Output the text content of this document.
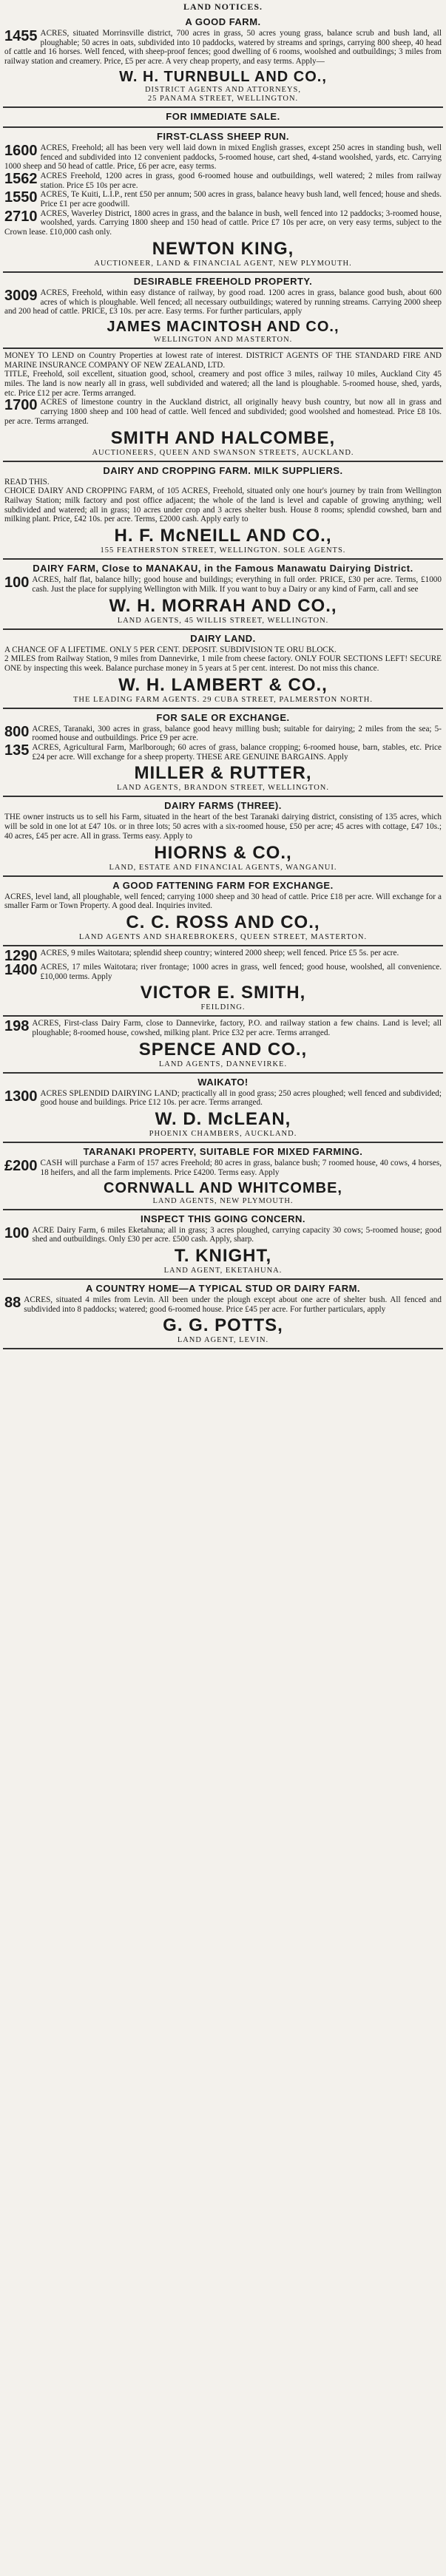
LAND NOTICES.
A GOOD FARM.

1455 ACRES, situated Morrinsville district, 700 acres in grass, 50 acres young grass, balance scrub and bush land, all ploughable; 50 acres in oats, subdivided into 10 paddocks, watered by streams and springs, carrying 800 sheep, 40 head of cattle and 16 horses. Well fenced, with sheep-proof fences; good dwelling of 6 rooms, woolshed and outbuildings; 3 miles from railway station and creamery. Price, £5 per acre. A very cheap property, and easy terms. Apply—

W. H. TURNBULL AND CO.,
DISTRICT AGENTS AND ATTORNEYS,
25 PANAMA STREET, WELLINGTON.
FOR IMMEDIATE SALE.
FIRST-CLASS SHEEP RUN.

1600 ACRES, Freehold; all has been very well laid down in mixed English grasses, except 250 acres in standing bush, well fenced and subdivided into 12 convenient paddocks, 5-roomed house, cart shed, 4-stand woolshed, yards, etc. Carrying 1000 sheep and 50 head of cattle. Price, £6 per acre, easy terms.

1562 ACRES Freehold, 1200 acres in grass, good 6-roomed house and outbuildings, well watered; 2 miles from railway station. Price £5 10s per acre.

1550 ACRES, Te Kuiti, L.I.P., rent £50 per annum; 500 acres in grass, balance heavy bush land, well fenced; house and sheds. Price £1 per acre goodwill.

2710 ACRES, Waverley District, 1800 acres in grass, and the balance in bush, well fenced into 12 paddocks; 3-roomed house, woolshed, yards. Carrying 1800 sheep and 150 head of cattle. Price £7 10s per acre, on very easy terms, subject to the Crown lease. £10,000 cash only.

NEWTON KING,
AUCTIONEER, LAND & FINANCIAL AGENT, NEW PLYMOUTH.
DESIRABLE FREEHOLD PROPERTY.

3009 ACRES, Freehold, within easy distance of railway, by good road. 1200 acres in grass, balance good bush, about 600 acres of which is ploughable. Well fenced; all necessary outbuildings; watered by running streams. Carrying 2000 sheep and 200 head of cattle. PRICE, £3 10s. per acre. Easy terms. For further particulars, apply

JAMES MACINTOSH AND CO.,
WELLINGTON AND MASTERTON.

MONEY TO LEND on Country Properties at lowest rate of interest. DISTRICT AGENTS OF THE STANDARD FIRE AND MARINE INSURANCE COMPANY OF NEW ZEALAND, LTD.

TITLE, Freehold, soil excellent, situation good, school, creamery and post office 3 miles, railway 10 miles, Auckland City 45 miles. The land is now nearly all in grass, well subdivided and watered; all the land is ploughable. 5-roomed house, shed, yards, etc. Price £12 per acre. Terms arranged.

1700 ACRES of limestone country in the Auckland district, all originally heavy bush country, but now all in grass and carrying 1800 sheep and 100 head of cattle. Well fenced and subdivided; good woolshed and homestead. Price £8 10s. per acre. Terms arranged.

SMITH AND HALCOMBE,
AUCTIONEERS, QUEEN AND SWANSON STREETS, AUCKLAND.
DAIRY AND CROPPING FARM. MILK SUPPLIERS.

READ THIS.

CHOICE DAIRY AND CROPPING FARM, of 105 ACRES, Freehold, situated only one hour's journey by train from Wellington Railway Station; milk factory and post office adjacent; the whole of the land is level and capable of growing anything; well subdivided and watered; all in grass; 10 acres under crop and 3 acres shelter bush. House 8 rooms; splendid cowshed, barn and milking plant. Price, £42 10s. per acre. Terms, £2000 cash. Apply early to

H. F. McNEILL AND CO.,
155 FEATHERSTON STREET, WELLINGTON. SOLE AGENTS.
DAIRY FARM, Close to MANAKAU, in the Famous Manawatu Dairying District.

100 ACRES, half flat, balance hilly; good house and buildings; everything in full order. PRICE, £30 per acre. Terms, £1000 cash. Just the place for supplying Wellington with Milk. If you want to buy a Dairy or any kind of Farm, call and see

W. H. MORRAH AND CO.,
LAND AGENTS, 45 WILLIS STREET, WELLINGTON.
DAIRY LAND.

A CHANCE OF A LIFETIME. ONLY 5 PER CENT. DEPOSIT. SUBDIVISION TE ORU BLOCK.

2 MILES from Railway Station, 9 miles from Dannevirke, 1 mile from cheese factory. ONLY FOUR SECTIONS LEFT! SECURE ONE by inspecting this week. Balance purchase money in 5 years at 5 per cent. interest. Do not miss this chance.

W. H. LAMBERT & CO.,
THE LEADING FARM AGENTS. 29 CUBA STREET, PALMERSTON NORTH.
FOR SALE OR EXCHANGE.

800 ACRES, Taranaki, 300 acres in grass, balance good heavy milling bush; suitable for dairying; 2 miles from the sea; 5-roomed house and outbuildings. Price £9 per acre.

135 ACRES, Agricultural Farm, Marlborough; 60 acres of grass, balance cropping; 6-roomed house, barn, stables, etc. Price £24 per acre. Will exchange for a sheep property. THESE ARE GENUINE BARGAINS. Apply

MILLER & RUTTER,
LAND AGENTS, BRANDON STREET, WELLINGTON.
DAIRY FARMS (THREE).

THE owner instructs us to sell his Farm, situated in the heart of the best Taranaki dairying district, consisting of 135 acres, which will be sold in one lot at £47 10s. or in three lots; 50 acres with a six-roomed house, £50 per acre; 45 acres with cottage, £47 10s.; 40 acres, £45 per acre. All in grass. Terms easy. Apply to

HIORNS & CO.,
LAND, ESTATE AND FINANCIAL AGENTS, WANGANUI.
A GOOD FATTENING FARM FOR EXCHANGE.

ACRES, level land, all ploughable, well fenced; carrying 1000 sheep and 30 head of cattle. Price £18 per acre. Will exchange for a smaller Farm or Town Property. A good deal. Inquiries invited.

C. C. ROSS AND CO.,
LAND AGENTS AND SHAREBROKERS, QUEEN STREET, MASTERTON.

1290 ACRES, 9 miles Waitotara; splendid sheep country; wintered 2000 sheep; well fenced. Price £5 5s. per acre.

1400 ACRES, 17 miles Waitotara; river frontage; 1000 acres in grass, well fenced; good house, woolshed, all convenience. £10,000 terms. Apply

VICTOR E. SMITH,
FEILDING.

198 ACRES, First-class Dairy Farm, close to Dannevirke, factory, P.O. and railway station a few chains. Land is level; all ploughable; 8-roomed house, cowshed, milking plant. Price £32 per acre. Terms arranged.

SPENCE AND CO.,
LAND AGENTS, DANNEVIRKE.
WAIKATO!

1300 ACRES SPLENDID DAIRYING LAND; practically all in good grass; 250 acres ploughed; well fenced and subdivided; good house and buildings. Price £12 10s. per acre. Terms arranged.

W. D. McLEAN,
PHOENIX CHAMBERS, AUCKLAND.
TARANAKI PROPERTY, SUITABLE FOR MIXED FARMING.

£200 CASH will purchase a Farm of 157 acres Freehold; 80 acres in grass, balance bush; 7 roomed house, 40 cows, 4 horses, 18 heifers, and all the farm implements. Price £4200. Terms easy. Apply

CORNWALL AND WHITCOMBE,
LAND AGENTS, NEW PLYMOUTH.
INSPECT THIS GOING CONCERN.

100 ACRE Dairy Farm, 6 miles Eketahuna; all in grass; 3 acres ploughed, carrying capacity 30 cows; 5-roomed house; good shed and outbuildings. Only £30 per acre. £500 cash. Apply, sharp.

T. KNIGHT,
LAND AGENT, EKETAHUNA.
A COUNTRY HOME—A TYPICAL STUD OR DAIRY FARM.

88 ACRES, situated 4 miles from Levin. All been under the plough except about one acre of shelter bush. All fenced and subdivided into 8 paddocks; watered; good 6-roomed house. Price £45 per acre. For further particulars, apply

G. G. POTTS,
LAND AGENT, LEVIN.
